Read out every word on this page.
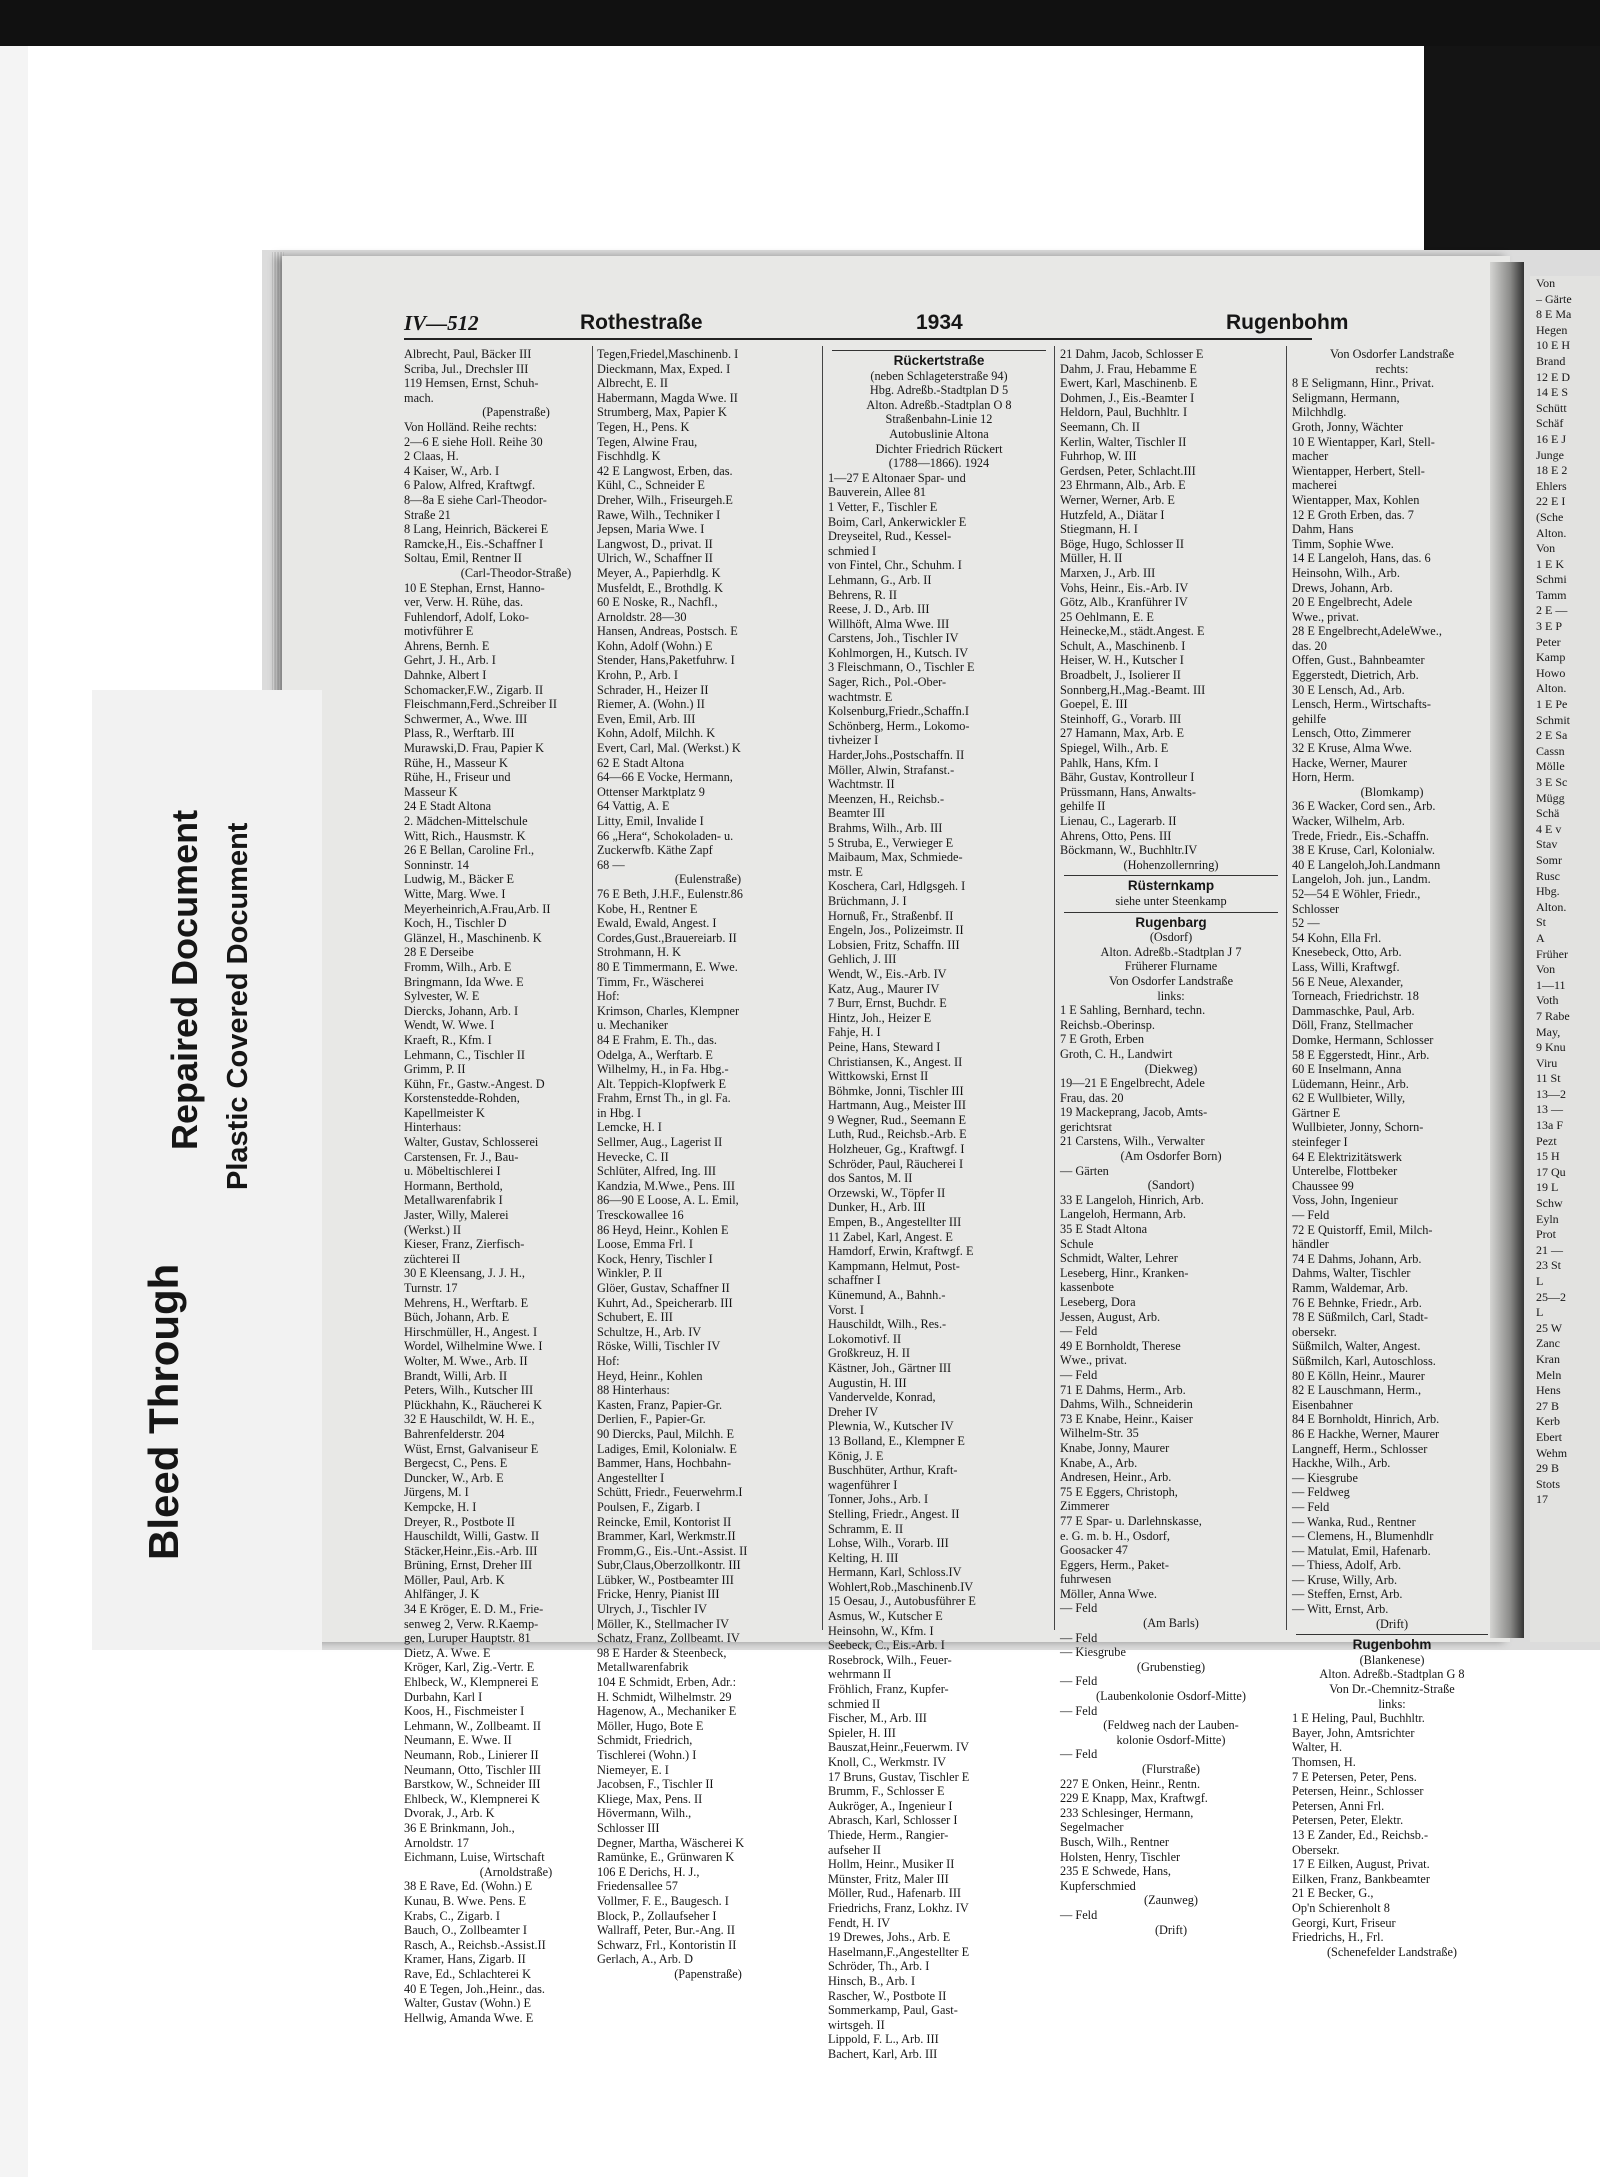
Von
– Gärte
8 E Ma
Hegen
10 E H
Brand
12 E D
14 E S
Schütt
Schäf
16 E J
Junge
18 E 2
Ehlers
22 E I
(Sche
Alton.
Von
1 E K
Schmi
Tamm
2 E —
3 E P
Peter
Kamp
Howo
Alton.
1 E Pe
Schmit
2 E Sa
Cassn
Mölle
3 E Sc
Mügg
Schä
4 E v
Stav
Somr
Rusc
Hbg.
Alton.
St
A
Früher
Von
1—11
Voth
7 Rabe
May,
9 Knu
Viru
11 St
13—2
13 —
13a F
Pezt
15 H
17 Qu
19 L
Schw
Eyln
Prot
21 —
23 St
L
25—2
L
25 W
Zanc
Kran
Meln
Hens
27 B
Kerb
Ebert
Wehm
29 B
Stots
17
Bleed Through
Repaired Document Plastic Covered Document
IV—512	Rothestraße	1934	Rugenbohm
Albrecht, Paul, Bäcker III
Scriba, Jul., Drechsler III
119 Hemsen, Ernst, Schuh-
mach.
(Papenstraße)
Von Holländ. Reihe rechts:
2—6 E siehe Holl. Reihe 30
2 Claas, H.
4 Kaiser, W., Arb. I
6 Palow, Alfred, Kraftwgf.
8—8a E siehe Carl-Theodor-
Straße 21
8 Lang, Heinrich, Bäckerei E
Ramcke,H., Eis.-Schaffner I
Soltau, Emil, Rentner II
(Carl-Theodor-Straße)
10 E Stephan, Ernst, Hanno-
ver, Verw. H. Rühe, das.
Fuhlendorf, Adolf, Loko-
motivführer E
Ahrens, Bernh. E
Gehrt, J. H., Arb. I
Dahnke, Albert I
Schomacker,F.W., Zigarb. II
Fleischmann,Ferd.,Schreiber II
Schwermer, A., Wwe. III
Plass, R., Werftarb. III
Murawski,D. Frau, Papier K
Rühe, H., Masseur K
Rühe, H., Friseur und
Masseur K
24 E Stadt Altona
2. Mädchen-Mittelschule
Witt, Rich., Hausmstr. K
26 E Bellan, Caroline Frl.,
Sonninstr. 14
Ludwig, M., Bäcker E
Witte, Marg. Wwe. I
Meyerheinrich,A.Frau,Arb. II
Koch, H., Tischler D
Glänzel, H., Maschinenb. K
28 E Derseibe
Fromm, Wilh., Arb. E
Bringmann, Ida Wwe. E
Sylvester, W. E
Diercks, Johann, Arb. I
Wendt, W. Wwe. I
Kraeft, R., Kfm. I
Lehmann, C., Tischler II
Grimm, P. II
Kühn, Fr., Gastw.-Angest. D
Korstenstedde-Rohden,
Kapellmeister K
Hinterhaus:
Walter, Gustav, Schlosserei
Carstensen, Fr. J., Bau-
u. Möbeltischlerei I
Hormann, Berthold,
Metallwarenfabrik I
Jaster, Willy, Malerei
(Werkst.) II
Kieser, Franz, Zierfisch-
züchterei II
30 E Kleensang, J. J. H.,
Turnstr. 17
Mehrens, H., Werftarb. E
Büch, Johann, Arb. E
Hirschmüller, H., Angest. I
Wordel, Wilhelmine Wwe. I
Wolter, M. Wwe., Arb. II
Brandt, Willi, Arb. II
Peters, Wilh., Kutscher III
Plückhahn, K., Räucherei K
32 E Hauschildt, W. H. E.,
Bahrenfelderstr. 204
Wüst, Ernst, Galvaniseur E
Bergecst, C., Pens. E
Duncker, W., Arb. E
Jürgens, M. I
Kempcke, H. I
Dreyer, R., Postbote II
Hauschildt, Willi, Gastw. II
Stäcker,Heinr.,Eis.-Arb. III
Brüning, Ernst, Dreher III
Möller, Paul, Arb. K
Ahlfänger, J. K
34 E Kröger, E. D. M., Frie-
senweg 2, Verw. R.Kaemp-
gen, Luruper Hauptstr. 81
Dietz, A. Wwe. E
Kröger, Karl, Zig.-Vertr. E
Ehlbeck, W., Klempnerei E
Durbahn, Karl I
Koos, H., Fischmeister I
Lehmann, W., Zollbeamt. II
Neumann, E. Wwe. II
Neumann, Rob., Linierer II
Neumann, Otto, Tischler III
Barstkow, W., Schneider III
Ehlbeck, W., Klempnerei K
Dvorak, J., Arb. K
36 E Brinkmann, Joh.,
Arnoldstr. 17
Eichmann, Luise, Wirtschaft
(Arnoldstraße)
38 E Rave, Ed. (Wohn.) E
Kunau, B. Wwe. Pens. E
Krabs, C., Zigarb. I
Bauch, O., Zollbeamter I
Rasch, A., Reichsb.-Assist.II
Kramer, Hans, Zigarb. II
Rave, Ed., Schlachterei K
40 E Tegen, Joh.,Heinr., das.
Walter, Gustav (Wohn.) E
Hellwig, Amanda Wwe. E
Tegen,Friedel,Maschinenb. I
Dieckmann, Max, Exped. I
Albrecht, E. II
Habermann, Magda Wwe. II
Strumberg, Max, Papier K
Tegen, H., Pens. K
Tegen, Alwine Frau,
Fischhdlg. K
42 E Langwost, Erben, das.
Kühl, C., Schneider E
Dreher, Wilh., Friseurgeh.E
Rawe, Wilh., Techniker I
Jepsen, Maria Wwe. I
Langwost, D., privat. II
Ulrich, W., Schaffner II
Meyer, A., Papierhdlg. K
Musfeldt, E., Brothdlg. K
60 E Noske, R., Nachfl.,
Arnoldstr. 28—30
Hansen, Andreas, Postsch. E
Kohn, Adolf (Wohn.) E
Stender, Hans,Paketfuhrw. I
Krohn, P., Arb. I
Schrader, H., Heizer II
Riemer, A. (Wohn.) II
Even, Emil, Arb. III
Kohn, Adolf, Milchh. K
Evert, Carl, Mal. (Werkst.) K
62 E Stadt Altona
64—66 E Vocke, Hermann,
Ottenser Marktplatz 9
64 Vattig, A. E
Litty, Emil, Invalide I
66 „Hera“, Schokoladen- u.
Zuckerwfb. Käthe Zapf
68 —
(Eulenstraße)
76 E Beth, J.H.F., Eulenstr.86
Kobe, H., Rentner E
Ewald, Ewald, Angest. I
Cordes,Gust.,Brauereiarb. II
Strohmann, H. K
80 E Timmermann, E. Wwe.
Timm, Fr., Wäscherei
Hof:
Krimson, Charles, Klempner
u. Mechaniker
84 E Frahm, E. Th., das.
Odelga, A., Werftarb. E
Wilhelmy, H., in Fa. Hbg.-
Alt. Teppich-Klopfwerk E
Frahm, Ernst Th., in gl. Fa.
in Hbg. I
Lemcke, H. I
Sellmer, Aug., Lagerist II
Hevecke, C. II
Schlüter, Alfred, Ing. III
Kandzia, M.Wwe., Pens. III
86—90 E Loose, A. L. Emil,
Tresckowallee 16
86 Heyd, Heinr., Kohlen E
Loose, Emma Frl. I
Kock, Henry, Tischler I
Winkler, P. II
Glöer, Gustav, Schaffner II
Kuhrt, Ad., Speicherarb. III
Schubert, E. III
Schultze, H., Arb. IV
Röske, Willi, Tischler IV
Hof:
Heyd, Heinr., Kohlen
88 Hinterhaus:
Kasten, Franz, Papier-Gr.
Derlien, F., Papier-Gr.
90 Diercks, Paul, Milchh. E
Ladiges, Emil, Kolonialw. E
Bammer, Hans, Hochbahn-
Angestellter I
Schütt, Friedr., Feuerwehrm.I
Poulsen, F., Zigarb. I
Reincke, Emil, Kontorist II
Brammer, Karl, Werkmstr.II
Fromm,G., Eis.-Unt.-Assist. II
Subr,Claus,Oberzollkontr. III
Lübker, W., Postbeamter III
Fricke, Henry, Pianist III
Ulrych, J., Tischler IV
Möller, K., Stellmacher IV
Schatz, Franz, Zollbeamt. IV
98 E Harder & Steenbeck,
Metallwarenfabrik
104 E Schmidt, Erben, Adr.:
H. Schmidt, Wilhelmstr. 29
Hagenow, A., Mechaniker E
Möller, Hugo, Bote E
Schmidt, Friedrich,
Tischlerei (Wohn.) I
Niemeyer, E. I
Jacobsen, F., Tischler II
Kliege, Max, Pens. II
Hövermann, Wilh.,
Schlosser III
Degner, Martha, Wäscherei K
Ramünke, E., Grünwaren K
106 E Derichs, H. J.,
Friedensallee 57
Vollmer, F. E., Baugesch. I
Block, P., Zollaufseher I
Wallraff, Peter, Bur.-Ang. II
Schwarz, Frl., Kontoristin II
Gerlach, A., Arb. D
(Papenstraße)
Rückertstraße
(neben Schlageterstraße 94)
Hbg. Adreßb.-Stadtplan D 5
Alton. Adreßb.-Stadtplan O 8
Straßenbahn-Linie 12
Autobuslinie Altona
Dichter Friedrich Rückert
(1788—1866). 1924
1—27 E Altonaer Spar- und
Bauverein, Allee 81
1 Vetter, F., Tischler E
Boim, Carl, Ankerwickler E
Dreyseitel, Rud., Kessel-
schmied I
von Fintel, Chr., Schuhm. I
Lehmann, G., Arb. II
Behrens, R. II
Reese, J. D., Arb. III
Willhöft, Alma Wwe. III
Carstens, Joh., Tischler IV
Kohlmorgen, H., Kutsch. IV
3 Fleischmann, O., Tischler E
Sager, Rich., Pol.-Ober-
wachtmstr. E
Kolsenburg,Friedr.,Schaffn.I
Schönberg, Herm., Lokomo-
tivheizer I
Harder,Johs.,Postschaffn. II
Möller, Alwin, Strafanst.-
Wachtmstr. II
Meenzen, H., Reichsb.-
Beamter III
Brahms, Wilh., Arb. III
5 Struba, E., Verwieger E
Maibaum, Max, Schmiede-
mstr. E
Koschera, Carl, Hdlgsgeh. I
Brüchmann, J. I
Hornuß, Fr., Straßenbf. II
Engeln, Jos., Polizeimstr. II
Lobsien, Fritz, Schaffn. III
Gehlich, J. III
Wendt, W., Eis.-Arb. IV
Katz, Aug., Maurer IV
7 Burr, Ernst, Buchdr. E
Hintz, Joh., Heizer E
Fahje, H. I
Peine, Hans, Steward I
Christiansen, K., Angest. II
Wittkowski, Ernst II
Böhmke, Jonni, Tischler III
Hartmann, Aug., Meister III
9 Wegner, Rud., Seemann E
Luth, Rud., Reichsb.-Arb. E
Holzheuer, Gg., Kraftwgf. I
Schröder, Paul, Räucherei I
dos Santos, M. II
Orzewski, W., Töpfer II
Dunker, H., Arb. III
Empen, B., Angestellter III
11 Zabel, Karl, Angest. E
Hamdorf, Erwin, Kraftwgf. E
Kampmann, Helmut, Post-
schaffner I
Künemund, A., Bahnh.-
Vorst. I
Hauschildt, Wilh., Res.-
Lokomotivf. II
Großkreuz, H. II
Kästner, Joh., Gärtner III
Augustin, H. III
Vandervelde, Konrad,
Dreher IV
Plewnia, W., Kutscher IV
13 Bolland, E., Klempner E
König, J. E
Buschhüter, Arthur, Kraft-
wagenführer I
Tonner, Johs., Arb. I
Stelling, Friedr., Angest. II
Schramm, E. II
Lohse, Wilh., Vorarb. III
Kelting, H. III
Hermann, Karl, Schloss.IV
Wohlert,Rob.,Maschinenb.IV
15 Oesau, J., Autobusführer E
Asmus, W., Kutscher E
Heinsohn, W., Kfm. I
Seebeck, C., Eis.-Arb. I
Rosebrock, Wilh., Feuer-
wehrmann II
Fröhlich, Franz, Kupfer-
schmied II
Fischer, M., Arb. III
Spieler, H. III
Bauszat,Heinr.,Feuerwm. IV
Knoll, C., Werkmstr. IV
17 Bruns, Gustav, Tischler E
Brumm, F., Schlosser E
Aukröger, A., Ingenieur I
Abrasch, Karl, Schlosser I
Thiede, Herm., Rangier-
aufseher II
Hollm, Heinr., Musiker II
Münster, Fritz, Maler III
Möller, Rud., Hafenarb. III
Friedrichs, Franz, Lokhz. IV
Fendt, H. IV
19 Drewes, Johs., Arb. E
Haselmann,F.,Angestellter E
Schröder, Th., Arb. I
Hinsch, B., Arb. I
Rascher, W., Postbote II
Sommerkamp, Paul, Gast-
wirtsgeh. II
Lippold, F. L., Arb. III
Bachert, Karl, Arb. III
21 Dahm, Jacob, Schlosser E
Dahm, J. Frau, Hebamme E
Ewert, Karl, Maschinenb. E
Dohmen, J., Eis.-Beamter I
Heldorn, Paul, Buchhltr. I
Seemann, Ch. II
Kerlin, Walter, Tischler II
Fuhrhop, W. III
Gerdsen, Peter, Schlacht.III
23 Ehrmann, Alb., Arb. E
Werner, Werner, Arb. E
Hutzfeld, A., Diätar I
Stiegmann, H. I
Böge, Hugo, Schlosser II
Müller, H. II
Marxen, J., Arb. III
Vohs, Heinr., Eis.-Arb. IV
Götz, Alb., Kranführer IV
25 Oehlmann, E. E
Heinecke,M., städt.Angest. E
Schult, A., Maschinenb. I
Heiser, W. H., Kutscher I
Broadbelt, J., Isolierer II
Sonnberg,H.,Mag.-Beamt. III
Goepel, E. III
Steinhoff, G., Vorarb. III
27 Hamann, Max, Arb. E
Spiegel, Wilh., Arb. E
Pahlk, Hans, Kfm. I
Bähr, Gustav, Kontrolleur I
Prüssmann, Hans, Anwalts-
gehilfe II
Lienau, C., Lagerarb. II
Ahrens, Otto, Pens. III
Böckmann, W., Buchhltr.IV
(Hohenzollernring)
Rüsternkamp
siehe unter Steenkamp
Rugenbarg
(Osdorf)
Alton. Adreßb.-Stadtplan J 7
Früherer Flurname
Von Osdorfer Landstraße
links:
1 E Sahling, Bernhard, techn.
Reichsb.-Oberinsp.
7 E Groth, Erben
Groth, C. H., Landwirt
(Diekweg)
19—21 E Engelbrecht, Adele
Frau, das. 20
19 Mackeprang, Jacob, Amts-
gerichtsrat
21 Carstens, Wilh., Verwalter
(Am Osdorfer Born)
— Gärten
(Sandort)
33 E Langeloh, Hinrich, Arb.
Langeloh, Hermann, Arb.
35 E Stadt Altona
Schule
Schmidt, Walter, Lehrer
Leseberg, Hinr., Kranken-
kassenbote
Leseberg, Dora
Jessen, August, Arb.
— Feld
49 E Bornholdt, Therese
Wwe., privat.
— Feld
71 E Dahms, Herm., Arb.
Dahms, Wilh., Schneiderin
73 E Knabe, Heinr., Kaiser
Wilhelm-Str. 35
Knabe, Jonny, Maurer
Knabe, A., Arb.
Andresen, Heinr., Arb.
75 E Eggers, Christoph,
Zimmerer
77 E Spar- u. Darlehnskasse,
e. G. m. b. H., Osdorf,
Goosacker 47
Eggers, Herm., Paket-
fuhrwesen
Möller, Anna Wwe.
— Feld
(Am Barls)
— Feld
— Kiesgrube
(Grubenstieg)
— Feld
(Laubenkolonie Osdorf-Mitte)
— Feld
(Feldweg nach der Lauben-
kolonie Osdorf-Mitte)
— Feld
(Flurstraße)
227 E Onken, Heinr., Rentn.
229 E Knapp, Max, Kraftwgf.
233 Schlesinger, Hermann,
Segelmacher
Busch, Wilh., Rentner
Holsten, Henry, Tischler
235 E Schwede, Hans,
Kupferschmied
(Zaunweg)
— Feld
(Drift)
Von Osdorfer Landstraße
rechts:
8 E Seligmann, Hinr., Privat.
Seligmann, Hermann,
Milchhdlg.
Groth, Jonny, Wächter
10 E Wientapper, Karl, Stell-
macher
Wientapper, Herbert, Stell-
macherei
Wientapper, Max, Kohlen
12 E Groth Erben, das. 7
Dahm, Hans
Timm, Sophie Wwe.
14 E Langeloh, Hans, das. 6
Heinsohn, Wilh., Arb.
Drews, Johann, Arb.
20 E Engelbrecht, Adele
Wwe., privat.
28 E Engelbrecht,AdeleWwe.,
das. 20
Offen, Gust., Bahnbeamter
Eggerstedt, Dietrich, Arb.
30 E Lensch, Ad., Arb.
Lensch, Herm., Wirtschafts-
gehilfe
Lensch, Otto, Zimmerer
32 E Kruse, Alma Wwe.
Hacke, Werner, Maurer
Horn, Herm.
(Blomkamp)
36 E Wacker, Cord sen., Arb.
Wacker, Wilhelm, Arb.
Trede, Friedr., Eis.-Schaffn.
38 E Kruse, Carl, Kolonialw.
40 E Langeloh,Joh.Landmann
Langeloh, Joh. jun., Landm.
52—54 E Wöhler, Friedr.,
Schlosser
52 —
54 Kohn, Ella Frl.
Knesebeck, Otto, Arb.
Lass, Willi, Kraftwgf.
56 E Neue, Alexander,
Torneach, Friedrichstr. 18
Dammaschke, Paul, Arb.
Döll, Franz, Stellmacher
Domke, Hermann, Schlosser
58 E Eggerstedt, Hinr., Arb.
60 E Inselmann, Anna
Lüdemann, Heinr., Arb.
62 E Wullbieter, Willy,
Gärtner E
Wullbieter, Jonny, Schorn-
steinfeger I
64 E Elektrizitätswerk
Unterelbe, Flottbeker
Chaussee 99
Voss, John, Ingenieur
— Feld
72 E Quistorff, Emil, Milch-
händler
74 E Dahms, Johann, Arb.
Dahms, Walter, Tischler
Ramm, Waldemar, Arb.
76 E Behnke, Friedr., Arb.
78 E Süßmilch, Carl, Stadt-
obersekr.
Süßmilch, Walter, Angest.
Süßmilch, Karl, Autoschloss.
80 E Kölln, Heinr., Maurer
82 E Lauschmann, Herm.,
Eisenbahner
84 E Bornholdt, Hinrich, Arb.
86 E Hackhe, Werner, Maurer
Langneff, Herm., Schlosser
Hackhe, Wilh., Arb.
— Kiesgrube
— Feldweg
— Feld
— Wanka, Rud., Rentner
— Clemens, H., Blumenhdlr
— Matulat, Emil, Hafenarb.
— Thiess, Adolf, Arb.
— Kruse, Willy, Arb.
— Steffen, Ernst, Arb.
— Witt, Ernst, Arb.
(Drift)
Rugenbohm
(Blankenese)
Alton. Adreßb.-Stadtplan G 8
Von Dr.-Chemnitz-Straße
links:
1 E Heling, Paul, Buchhltr.
Bayer, John, Amtsrichter
Walter, H.
Thomsen, H.
7 E Petersen, Peter, Pens.
Petersen, Heinr., Schlosser
Petersen, Anni Frl.
Petersen, Peter, Elektr.
13 E Zander, Ed., Reichsb.-
Obersekr.
17 E Eilken, August, Privat.
Eilken, Franz, Bankbeamter
21 E Becker, G.,
Op'n Schierenholt 8
Georgi, Kurt, Friseur
Friedrichs, H., Frl.
(Schenefelder Landstraße)
